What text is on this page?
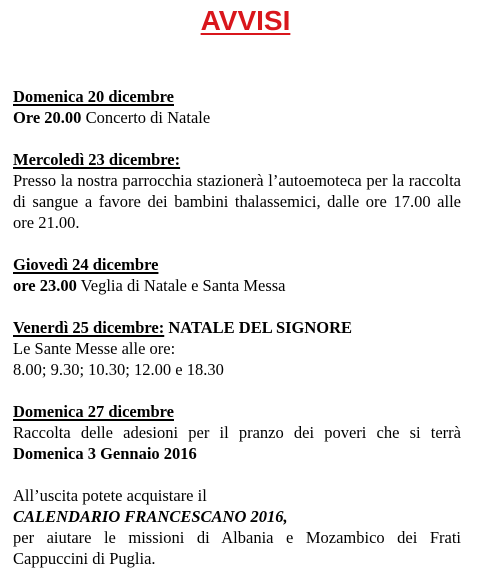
AVVISI
Domenica 20 dicembre
Ore 20.00 Concerto di Natale
Mercoledì 23 dicembre:
Presso la nostra parrocchia stazionerà l’autoemoteca per la raccolta di sangue a favore dei bambini thalassemici, dalle ore 17.00 alle ore 21.00.
Giovedì 24 dicembre
ore 23.00 Veglia di Natale e Santa Messa
Venerdì 25 dicembre: NATALE DEL SIGNORE
Le Sante Messe alle ore:
8.00; 9.30; 10.30; 12.00 e 18.30
Domenica 27 dicembre
Raccolta delle adesioni per il pranzo dei poveri che si terrà Domenica 3 Gennaio 2016
All’uscita potete acquistare il
CALENDARIO FRANCESCANO 2016,
per aiutare le missioni di Albania e Mozambico dei Frati Cappuccini di Puglia.
